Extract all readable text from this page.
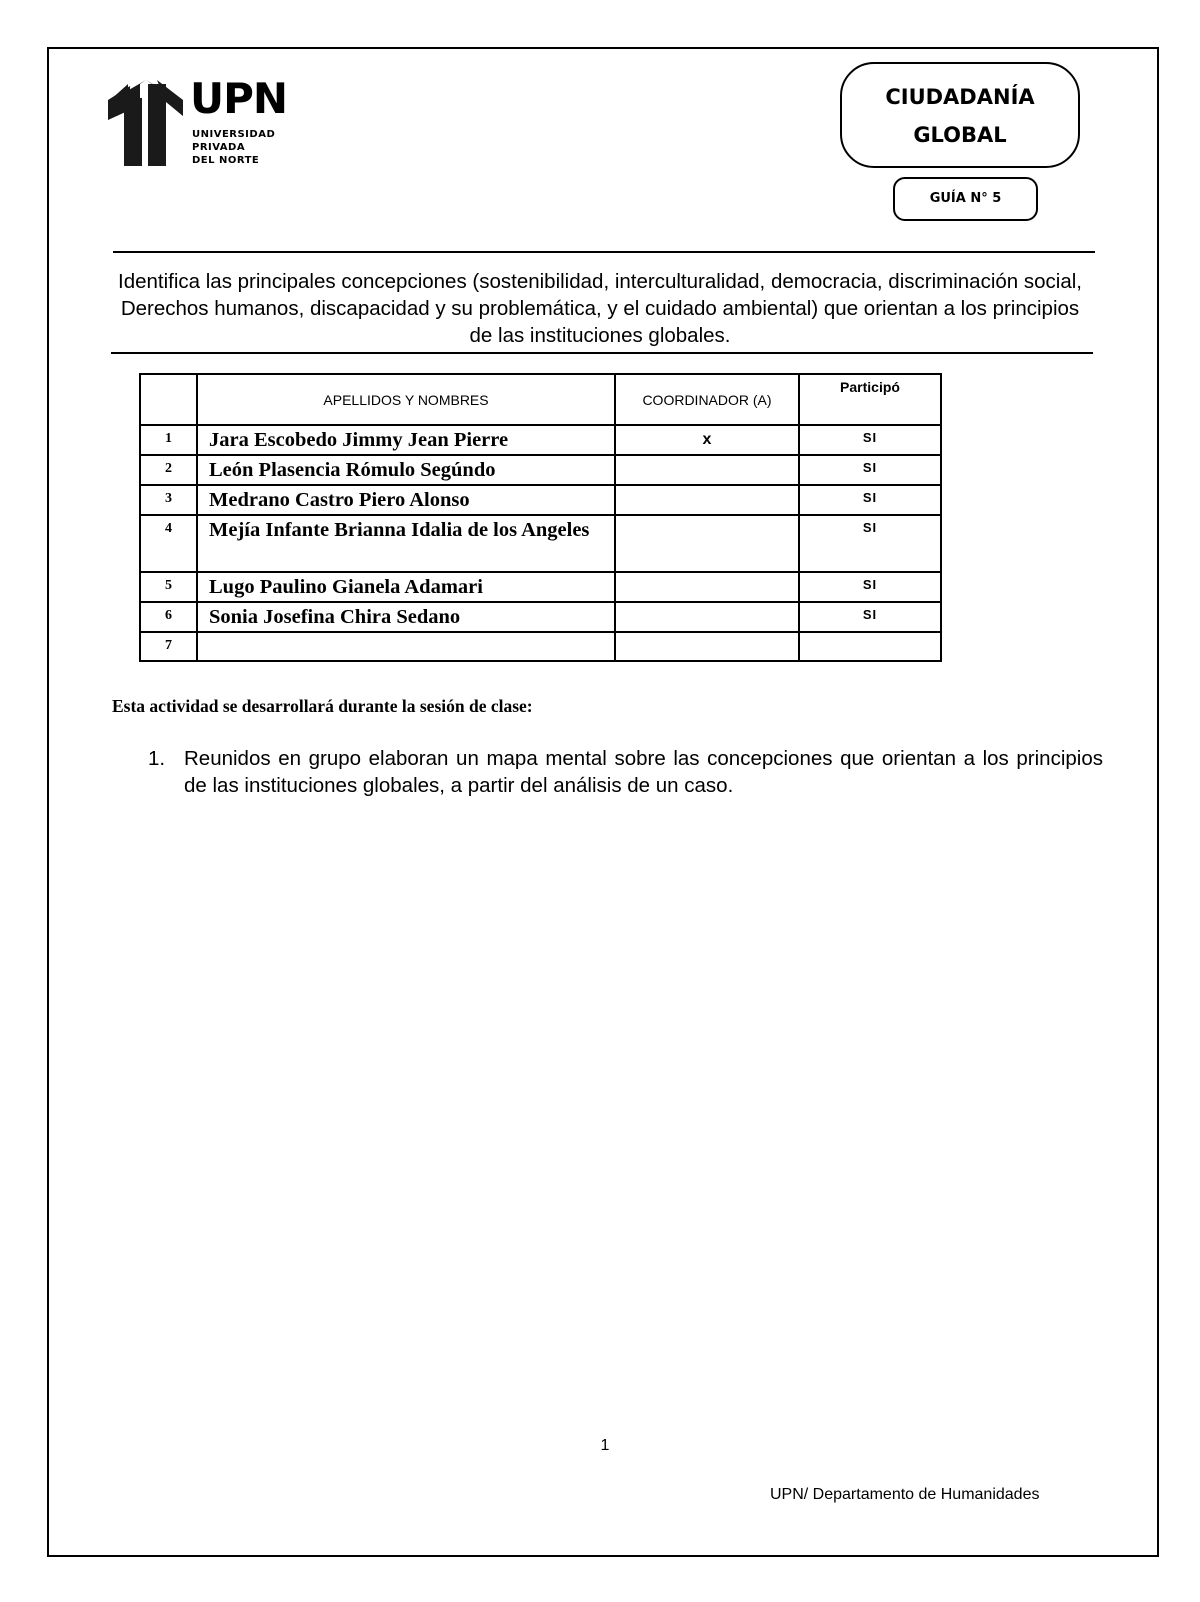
UPN
UNIVERSIDAD
PRIVADA
DEL NORTE
CIUDADANÍA
GLOBAL
GUÍA N° 5
Identifica las principales concepciones (sostenibilidad, interculturalidad, democracia, discriminación social, Derechos humanos, discapacidad y su problemática, y el cuidado ambiental) que orientan a los principios de las instituciones globales.
	APELLIDOS Y NOMBRES	COORDINADOR (A)	Participó
1	Jara Escobedo Jimmy Jean Pierre	x	SI
2	León Plasencia Rómulo Segúndo		SI
3	Medrano Castro Piero Alonso		SI
4	Mejía Infante Brianna Idalia de los Angeles		SI
5	Lugo Paulino Gianela Adamari		SI
6	Sonia Josefina Chira Sedano		SI
7			
Esta actividad se desarrollará durante la sesión de clase:
1. Reunidos en grupo elaboran un mapa mental sobre las concepciones que orientan a los principios de las instituciones globales, a partir del análisis de un caso.
1
UPN/ Departamento de Humanidades
